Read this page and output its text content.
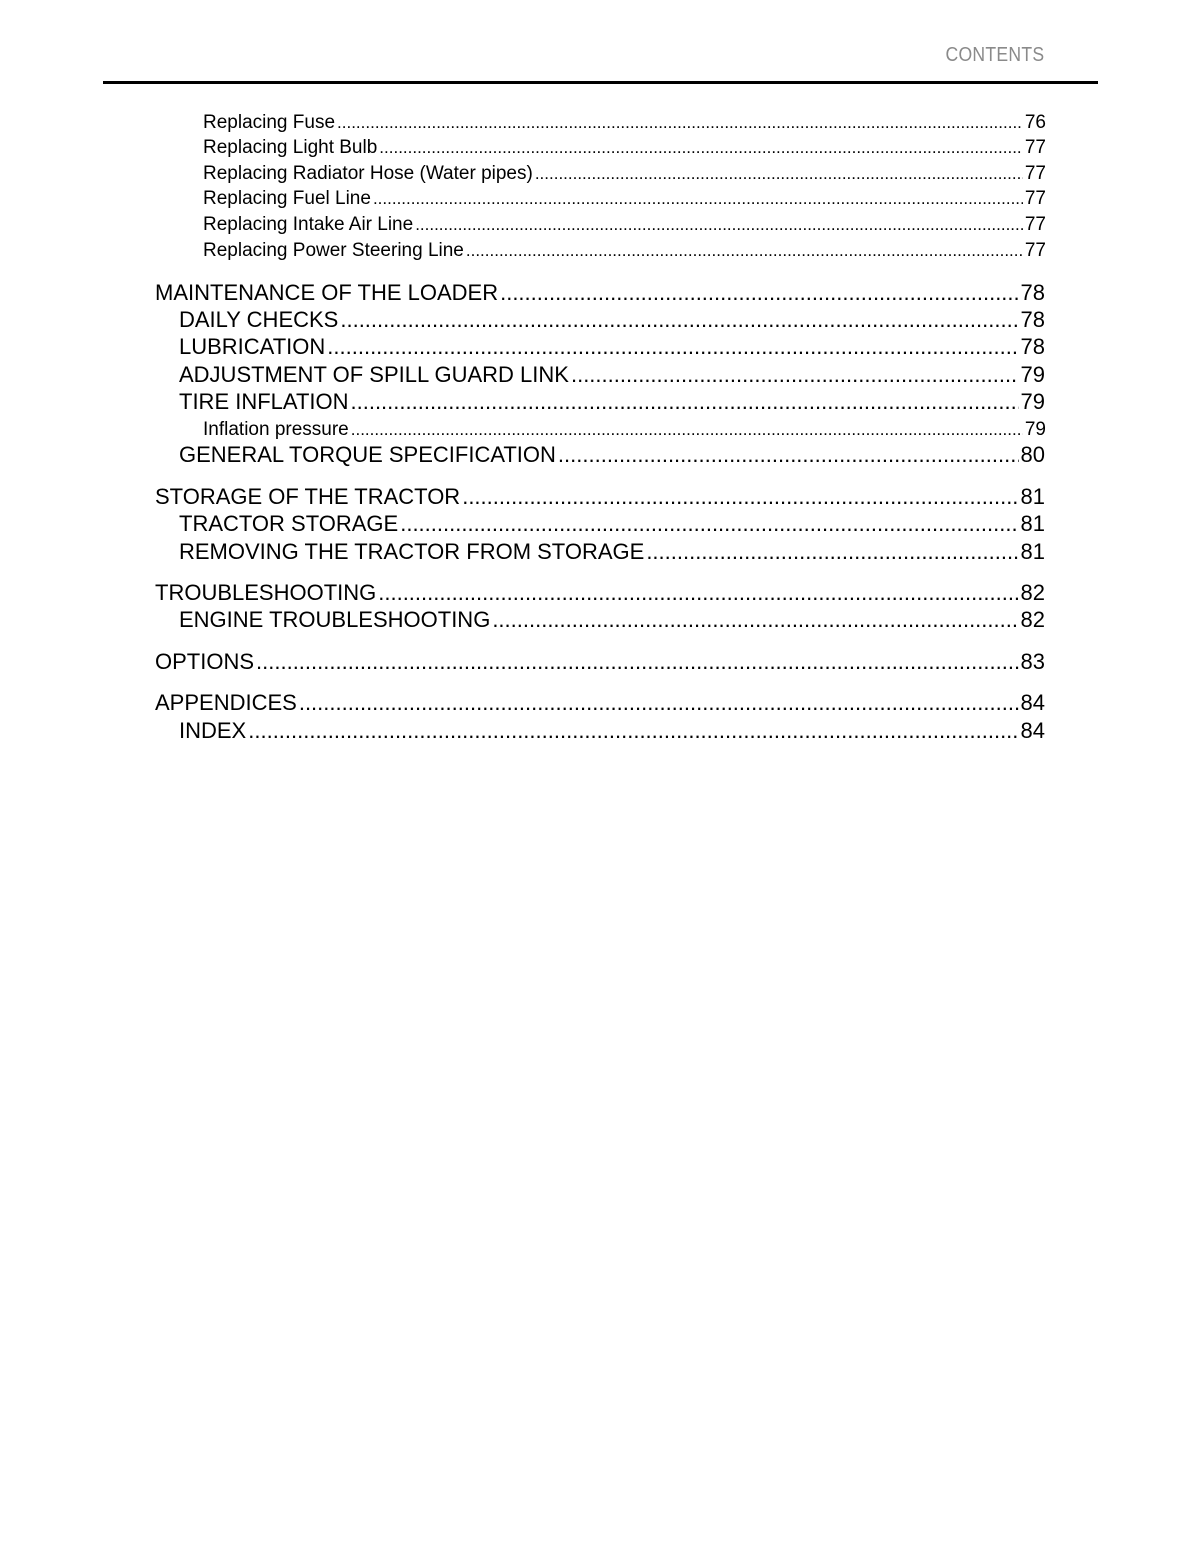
CONTENTS
Replacing Fuse .....	76
Replacing Light Bulb .....	77
Replacing Radiator Hose (Water pipes) .....	77
Replacing Fuel Line .....	77
Replacing Intake Air Line .....	77
Replacing Power Steering Line .....	77
MAINTENANCE OF THE LOADER .....	78
DAILY CHECKS .....	78
LUBRICATION .....	78
ADJUSTMENT OF SPILL GUARD LINK .....	79
TIRE INFLATION .....	79
Inflation pressure .....	79
GENERAL TORQUE SPECIFICATION .....	80
STORAGE OF THE TRACTOR .....	81
TRACTOR STORAGE .....	81
REMOVING THE TRACTOR FROM STORAGE .....	81
TROUBLESHOOTING .....	82
ENGINE TROUBLESHOOTING .....	82
OPTIONS .....	83
APPENDICES .....	84
INDEX .....	84
